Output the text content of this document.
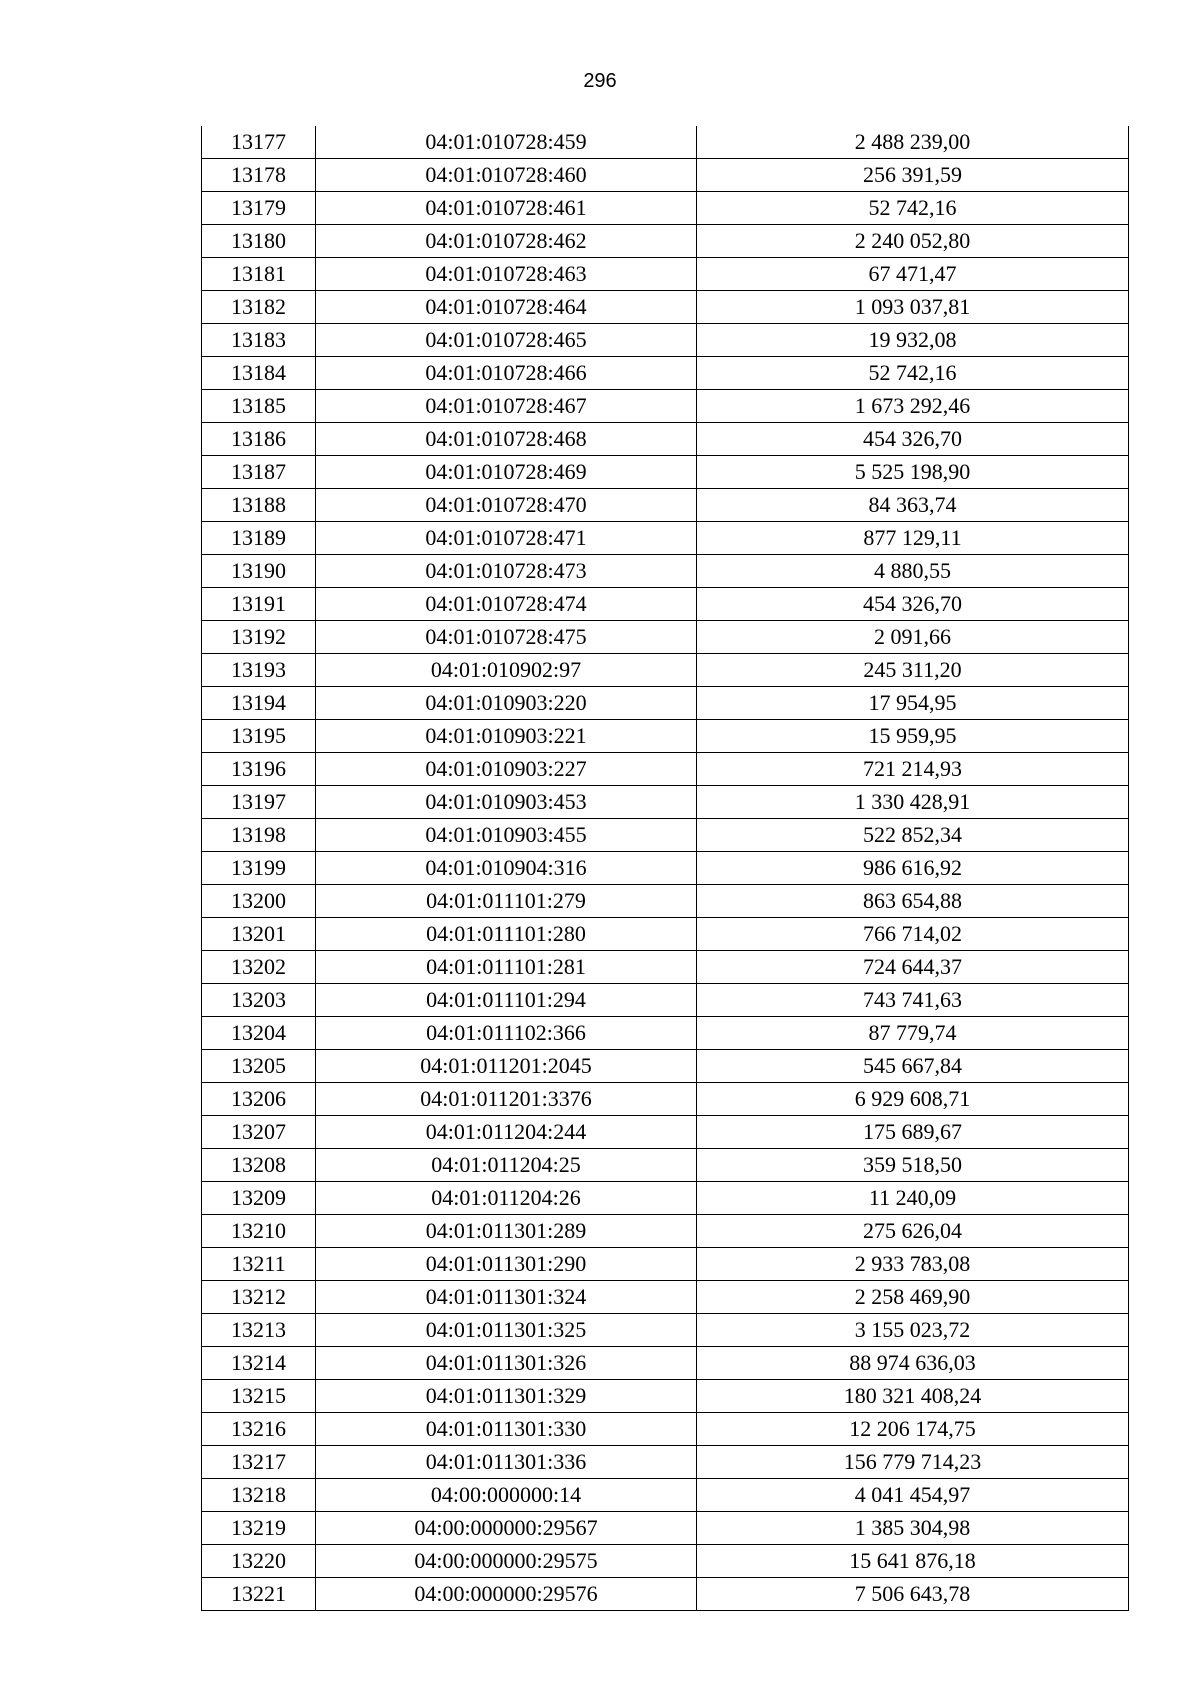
296
13177	04:01:010728:459	2 488 239,00
13178	04:01:010728:460	256 391,59
13179	04:01:010728:461	52 742,16
13180	04:01:010728:462	2 240 052,80
13181	04:01:010728:463	67 471,47
13182	04:01:010728:464	1 093 037,81
13183	04:01:010728:465	19 932,08
13184	04:01:010728:466	52 742,16
13185	04:01:010728:467	1 673 292,46
13186	04:01:010728:468	454 326,70
13187	04:01:010728:469	5 525 198,90
13188	04:01:010728:470	84 363,74
13189	04:01:010728:471	877 129,11
13190	04:01:010728:473	4 880,55
13191	04:01:010728:474	454 326,70
13192	04:01:010728:475	2 091,66
13193	04:01:010902:97	245 311,20
13194	04:01:010903:220	17 954,95
13195	04:01:010903:221	15 959,95
13196	04:01:010903:227	721 214,93
13197	04:01:010903:453	1 330 428,91
13198	04:01:010903:455	522 852,34
13199	04:01:010904:316	986 616,92
13200	04:01:011101:279	863 654,88
13201	04:01:011101:280	766 714,02
13202	04:01:011101:281	724 644,37
13203	04:01:011101:294	743 741,63
13204	04:01:011102:366	87 779,74
13205	04:01:011201:2045	545 667,84
13206	04:01:011201:3376	6 929 608,71
13207	04:01:011204:244	175 689,67
13208	04:01:011204:25	359 518,50
13209	04:01:011204:26	11 240,09
13210	04:01:011301:289	275 626,04
13211	04:01:011301:290	2 933 783,08
13212	04:01:011301:324	2 258 469,90
13213	04:01:011301:325	3 155 023,72
13214	04:01:011301:326	88 974 636,03
13215	04:01:011301:329	180 321 408,24
13216	04:01:011301:330	12 206 174,75
13217	04:01:011301:336	156 779 714,23
13218	04:00:000000:14	4 041 454,97
13219	04:00:000000:29567	1 385 304,98
13220	04:00:000000:29575	15 641 876,18
13221	04:00:000000:29576	7 506 643,78
